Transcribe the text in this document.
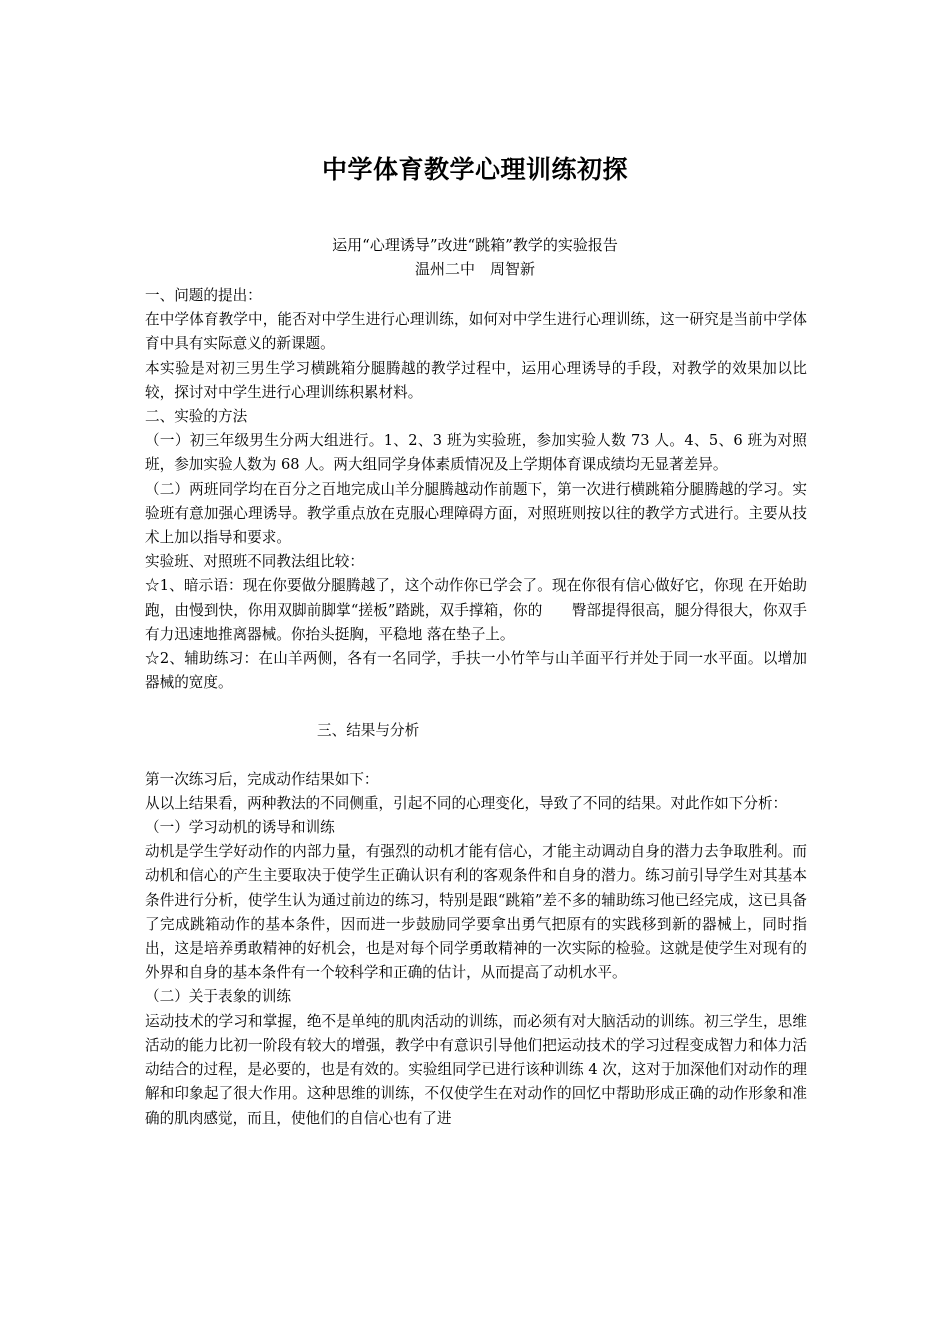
中学体育教学心理训练初探
运用“心理诱导”改进“跳箱”教学的实验报告
温州二中　周智新

一、问题的提出：

在中学体育教学中，能否对中学生进行心理训练，如何对中学生进行心理训练，这一研究是当前中学体育中具有实际意义的新课题。

本实验是对初三男生学习横跳箱分腿腾越的教学过程中，运用心理诱导的手段，对教学的效果加以比较，探讨对中学生进行心理训练积累材料。

二、实验的方法

（一）初三年级男生分两大组进行。1、2、3 班为实验班，参加实验人数 73 人。4、5、6 班为对照班，参加实验人数为 68 人。两大组同学身体素质情况及上学期体育课成绩均无显著差异。

（二）两班同学均在百分之百地完成山羊分腿腾越动作前题下，第一次进行横跳箱分腿腾越的学习。实验班有意加强心理诱导。教学重点放在克服心理障碍方面，对照班则按以往的教学方式进行。主要从技术上加以指导和要求。

实验班、对照班不同教法组比较：

☆1、暗示语：现在你要做分腿腾越了，这个动作你已学会了。现在你很有信心做好它，你现 在开始助跑，由慢到快，你用双脚前脚掌“搓板”踏跳，双手撑箱，你的　　臀部提得很高，腿分得很大，你双手有力迅速地推离器械。你抬头挺胸，平稳地 落在垫子上。

☆2、辅助练习：在山羊两侧，各有一名同学，手扶一小竹竿与山羊面平行并处于同一水平面。以增加器械的宽度。

三、结果与分析

第一次练习后，完成动作结果如下：

从以上结果看，两种教法的不同侧重，引起不同的心理变化，导致了不同的结果。对此作如下分析：

（一）学习动机的诱导和训练

动机是学生学好动作的内部力量，有强烈的动机才能有信心，才能主动调动自身的潜力去争取胜利。而动机和信心的产生主要取决于使学生正确认识有利的客观条件和自身的潜力。练习前引导学生对其基本条件进行分析，使学生认为通过前边的练习，特别是跟“跳箱”差不多的辅助练习他已经完成，这已具备了完成跳箱动作的基本条件，因而进一步鼓励同学要拿出勇气把原有的实践移到新的器械上，同时指出，这是培养勇敢精神的好机会，也是对每个同学勇敢精神的一次实际的检验。这就是使学生对现有的外界和自身的基本条件有一个较科学和正确的估计，从而提高了动机水平。

（二）关于表象的训练

运动技术的学习和掌握，绝不是单纯的肌肉活动的训练，而必须有对大脑活动的训练。初三学生，思维活动的能力比初一阶段有较大的增强，教学中有意识引导他们把运动技术的学习过程变成智力和体力活动结合的过程，是必要的，也是有效的。实验组同学已进行该种训练 4 次，这对于加深他们对动作的理解和印象起了很大作用。这种思维的训练，不仅使学生在对动作的回忆中帮助形成正确的动作形象和准确的肌肉感觉，而且，使他们的自信心也有了进
